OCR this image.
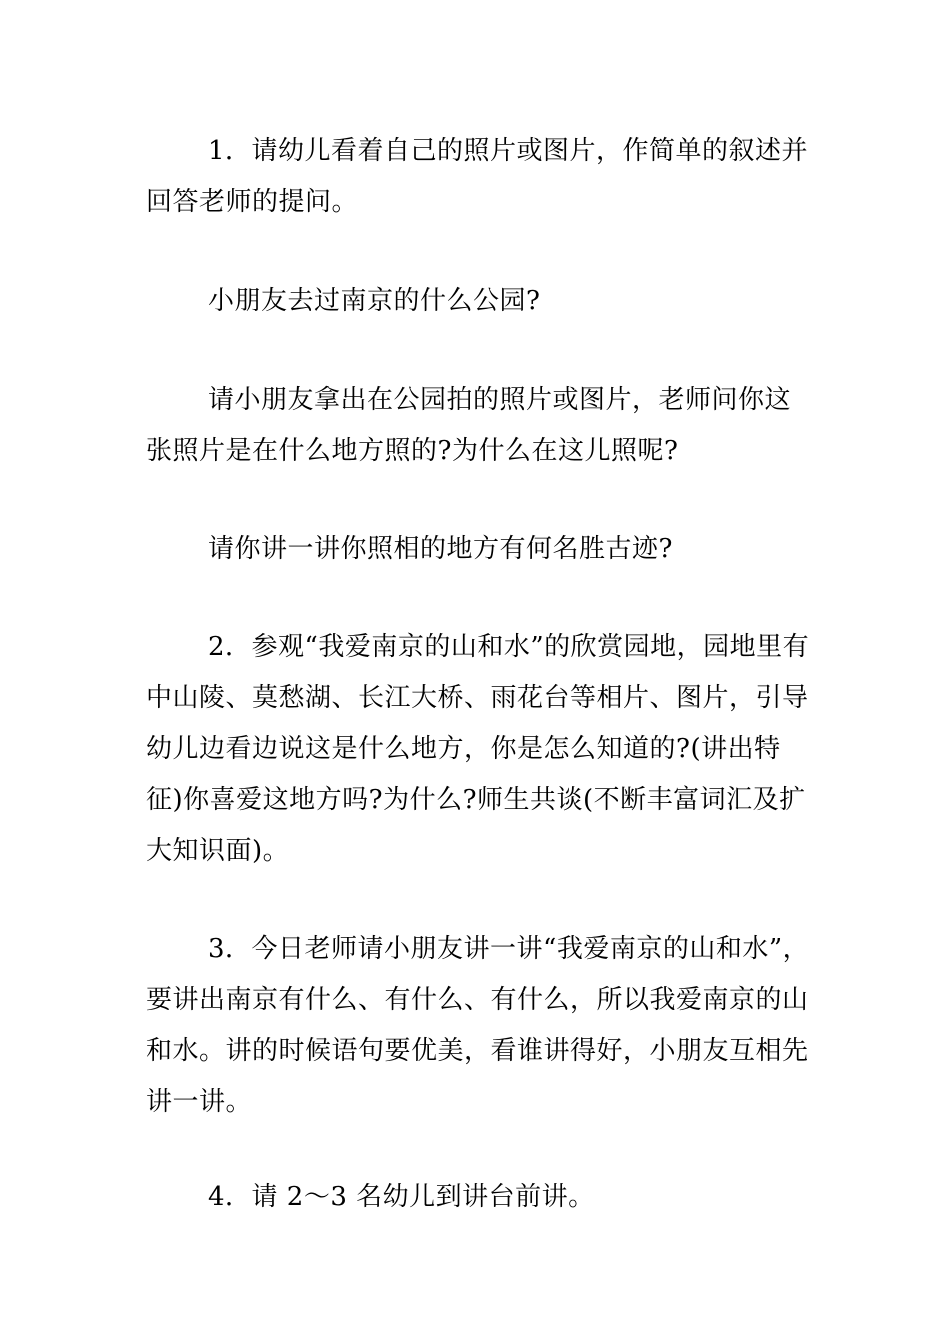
1．请幼儿看着自己的照片或图片，作简单的叙述并回答老师的提问。

小朋友去过南京的什么公园?

请小朋友拿出在公园拍的照片或图片，老师问你这张照片是在什么地方照的?为什么在这儿照呢?

请你讲一讲你照相的地方有何名胜古迹?

2．参观“我爱南京的山和水”的欣赏园地，园地里有中山陵、莫愁湖、长江大桥、雨花台等相片、图片，引导幼儿边看边说这是什么地方，你是怎么知道的?(讲出特征)你喜爱这地方吗?为什么?师生共谈(不断丰富词汇及扩大知识面)。

3．今日老师请小朋友讲一讲“我爱南京的山和水”，要讲出南京有什么、有什么、有什么，所以我爱南京的山和水。讲的时候语句要优美，看谁讲得好，小朋友互相先讲一讲。

4．请 2～3 名幼儿到讲台前讲。
